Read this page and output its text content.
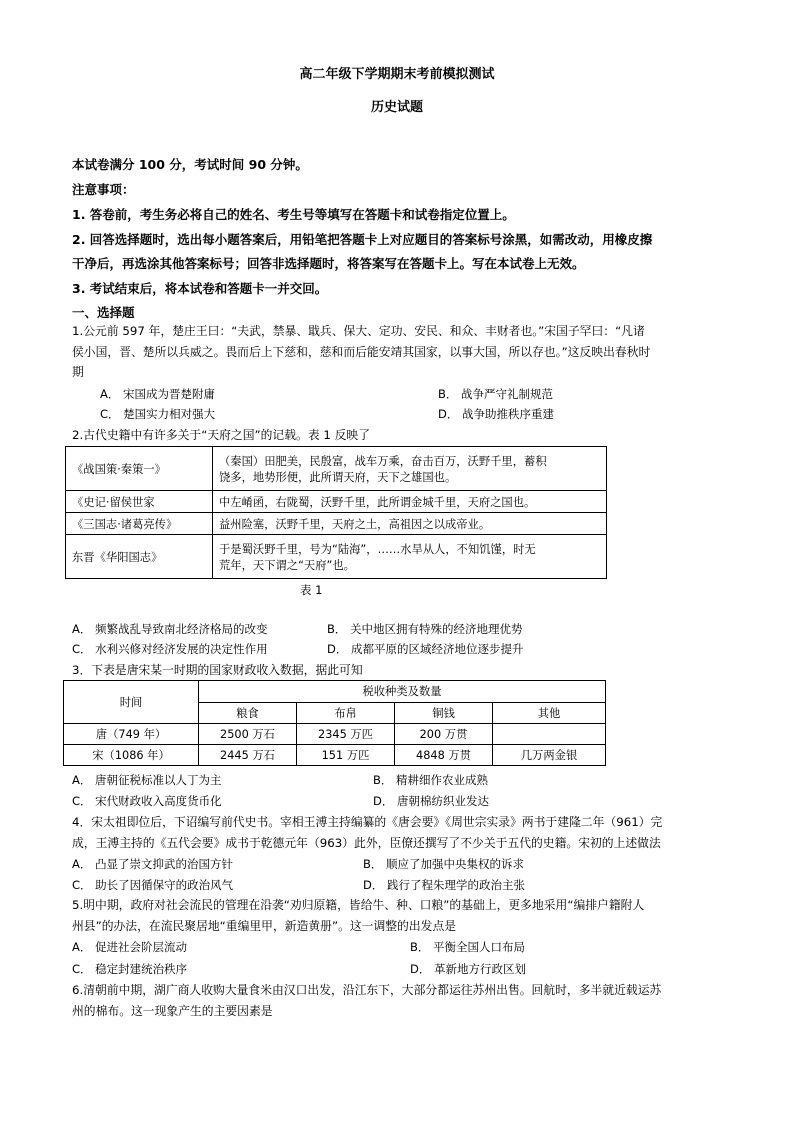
高二年级下学期期末考前模拟测试
历史试题
本试卷满分 100 分，考试时间 90 分钟。
注意事项：
1. 答卷前，考生务必将自己的姓名、考生号等填写在答题卡和试卷指定位置上。
2. 回答选择题时，选出每小题答案后，用铅笔把答题卡上对应题目的答案标号涂黑，如需改动，用橡皮擦
干净后，再选涂其他答案标号；回答非选择题时，将答案写在答题卡上。写在本试卷上无效。
3. 考试结束后，将本试卷和答题卡一并交回。
一、选择题
1.公元前 597 年，楚庄王曰：“夫武，禁暴、戢兵、保大、定功、安民、和众、丰财者也。”宋国子罕曰：“凡诸
侯小国，晋、楚所以兵威之。畏而后上下慈和，慈和而后能安靖其国家，以事大国，所以存也。”这反映出春秋时
期
A． 宋国成为晋楚附庸	B． 战争严守礼制规范
C． 楚国实力相对强大	D． 战争助推秩序重建
2.古代史籍中有许多关于“天府之国”的记载。表 1 反映了
《战国策·秦策一》	（秦国）田肥美，民殷富，战车万乘，奋击百万，沃野千里，蓄积
饶多，地势形便，此所谓天府，天下之雄国也。
《史记·留侯世家	中左崤函，右陇蜀，沃野千里，此所谓金城千里，天府之国也。
《三国志·诸葛亮传》	益州险塞，沃野千里，天府之土，高祖因之以成帝业。
东晋《华阳国志》	于是蜀沃野千里，号为“陆海”，……水旱从人，不知饥馑，时无
荒年，天下谓之“天府”也。
表 1
A． 频繁战乱导致南北经济格局的改变	B． 关中地区拥有特殊的经济地理优势
C． 水利兴修对经济发展的决定性作用	D． 成都平原的区域经济地位逐步提升
3．下表是唐宋某一时期的国家财政收入数据，据此可知
时间	税收种类及数量			
	粮食	布帛	铜钱	其他
唐（749 年）	2500 万石	2345 万匹	200 万贯	
宋（1086 年）	2445 万石	151 万匹	4848 万贯	几万两金银
A． 唐朝征税标准以人丁为主	B． 精耕细作农业成熟
C． 宋代财政收入高度货币化	D． 唐朝棉纺织业发达
4．宋太祖即位后，下诏编写前代史书。宰相王溥主持编纂的《唐会要》《周世宗实录》两书于建隆二年（961）完
成，王溥主持的《五代会要》成书于乾德元年（963）此外，臣僚还撰写了不少关于五代的史籍。宋初的上述做法
A． 凸显了崇文抑武的治国方针	B． 顺应了加强中央集权的诉求
C． 助长了因循保守的政治风气	D． 践行了程朱理学的政治主张
5.明中期，政府对社会流民的管理在沿袭“劝归原籍，皆给牛、种、口粮”的基础上，更多地采用“编排户籍附人
州县”的办法，在流民聚居地“重编里甲，新造黄册”。这一调整的出发点是
A． 促进社会阶层流动	B． 平衡全国人口布局
C． 稳定封建统治秩序	D． 革新地方行政区划
6.清朝前中期，湖广商人收购大量食米由汉口出发，沿江东下，大部分都运往苏州出售。回航时，多半就近载运苏
州的棉布。这一现象产生的主要因素是
